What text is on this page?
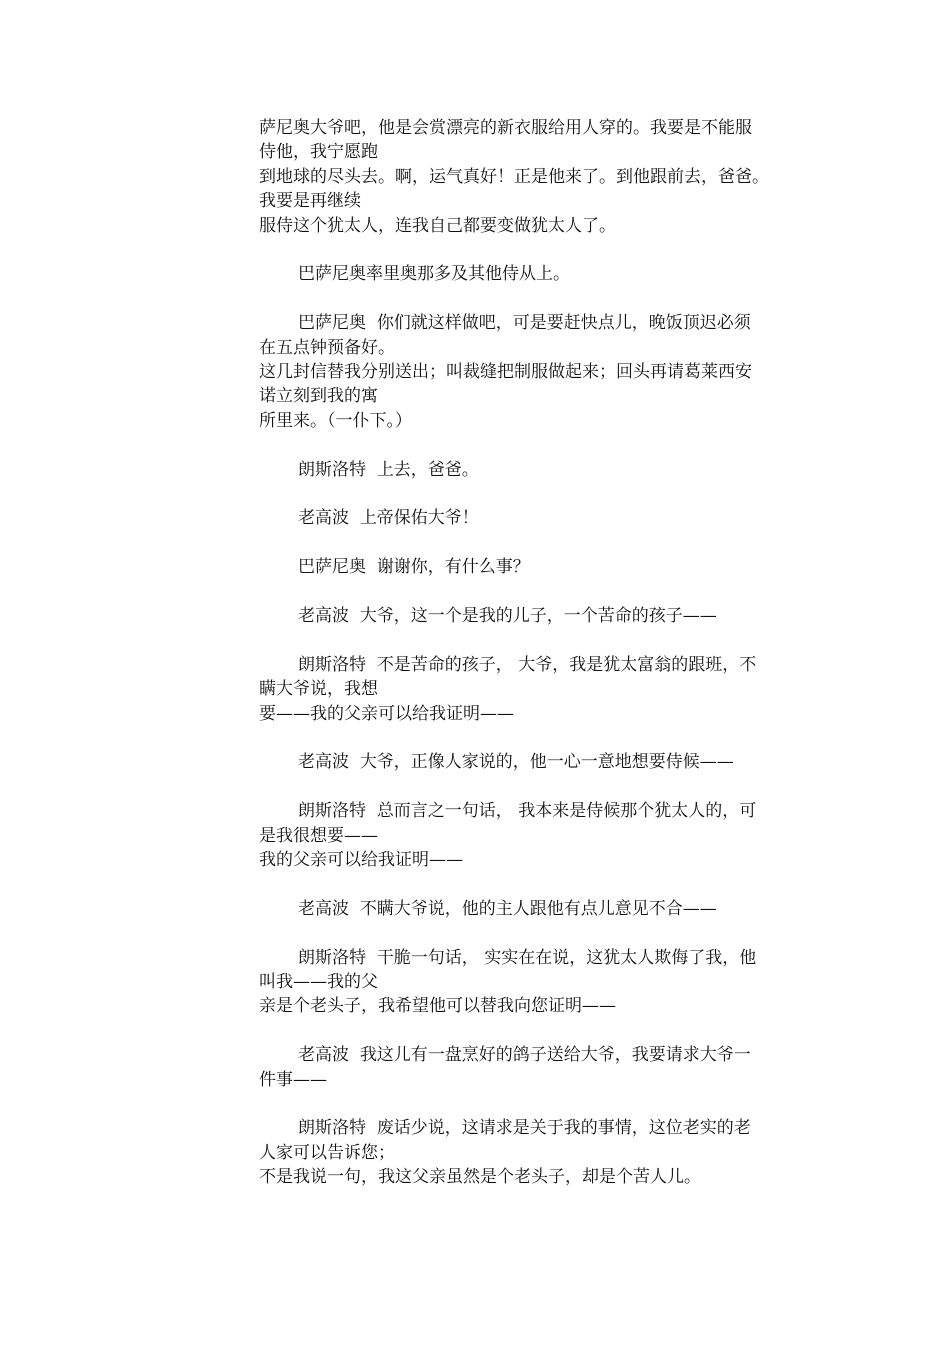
萨尼奥大爷吧，他是会赏漂亮的新衣服给用人穿的。我要是不能服
侍他，我宁愿跑
到地球的尽头去。啊，运气真好！正是他来了。到他跟前去，爸爸。
我要是再继续
服侍这个犹太人，连我自己都要变做犹太人了。

巴萨尼奥率里奥那多及其他侍从上。

巴萨尼奥 你们就这样做吧，可是要赶快点儿，晚饭顶迟必须
在五点钟预备好。
这几封信替我分别送出；叫裁缝把制服做起来；回头再请葛莱西安
诺立刻到我的寓
所里来。（一仆下。）

朗斯洛特 上去，爸爸。

老高波 上帝保佑大爷！

巴萨尼奥 谢谢你，有什么事？

老高波 大爷，这一个是我的儿子，一个苦命的孩子——

朗斯洛特 不是苦命的孩子， 大爷，我是犹太富翁的跟班，不
瞒大爷说，我想
要——我的父亲可以给我证明——

老高波 大爷，正像人家说的，他一心一意地想要侍候——

朗斯洛特 总而言之一句话， 我本来是侍候那个犹太人的，可
是我很想要——
我的父亲可以给我证明——

老高波 不瞒大爷说，他的主人跟他有点儿意见不合——

朗斯洛特 干脆一句话， 实实在在说，这犹太人欺侮了我，他
叫我——我的父
亲是个老头子，我希望他可以替我向您证明——

老高波 我这儿有一盘烹好的鸽子送给大爷，我要请求大爷一
件事——

朗斯洛特 废话少说，这请求是关于我的事情，这位老实的老
人家可以告诉您；
不是我说一句，我这父亲虽然是个老头子，却是个苦人儿。
